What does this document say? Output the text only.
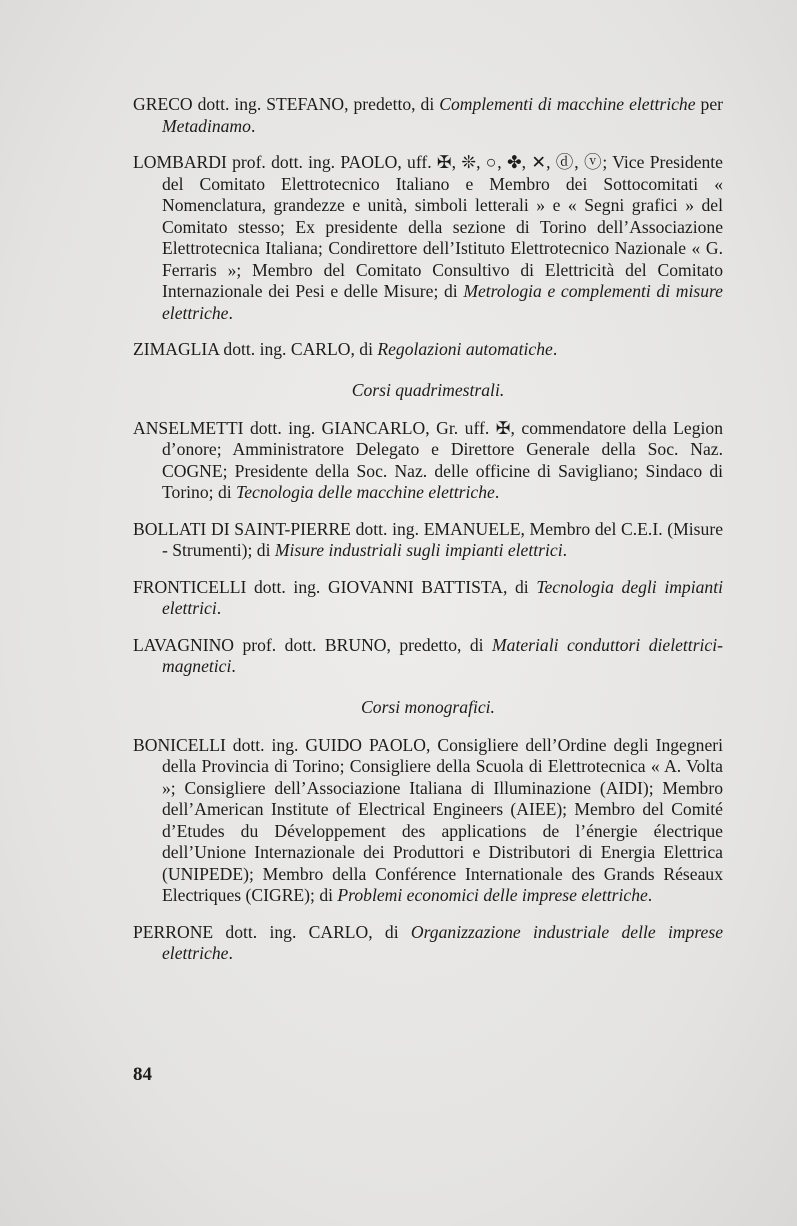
GRECO dott. ing. STEFANO, predetto, di Complementi di macchine elettriche per Metadinamo.

LOMBARDI prof. dott. ing. PAOLO, uff. ✠, ❊, ○, ✤, ✕, ⓓ, ⓥ; Vice Presidente del Comitato Elettrotecnico Italiano e Membro dei Sottocomitati « Nomenclatura, grandezze e unità, simboli letterali » e « Segni grafici » del Comitato stesso; Ex presidente della sezione di Torino dell’Associazione Elettrotecnica Italiana; Condirettore dell’Istituto Elettrotecnico Nazionale « G. Ferraris »; Membro del Comitato Consultivo di Elettricità del Comitato Internazionale dei Pesi e delle Misure; di Metrologia e complementi di misure elettriche.

ZIMAGLIA dott. ing. CARLO, di Regolazioni automatiche.

Corsi quadrimestrali.

ANSELMETTI dott. ing. GIANCARLO, Gr. uff. ✠, commendatore della Legion d’onore; Amministratore Delegato e Direttore Generale della Soc. Naz. COGNE; Presidente della Soc. Naz. delle officine di Savigliano; Sindaco di Torino; di Tecnologia delle macchine elettriche.

BOLLATI DI SAINT-PIERRE dott. ing. EMANUELE, Membro del C.E.I. (Misure - Strumenti); di Misure industriali sugli impianti elettrici.

FRONTICELLI dott. ing. GIOVANNI BATTISTA, di Tecnologia degli impianti elettrici.

LAVAGNINO prof. dott. BRUNO, predetto, di Materiali conduttori dielettrici-magnetici.

Corsi monografici.

BONICELLI dott. ing. GUIDO PAOLO, Consigliere dell’Ordine degli Ingegneri della Provincia di Torino; Consigliere della Scuola di Elettrotecnica « A. Volta »; Consigliere dell’Associazione Italiana di Illuminazione (AIDI); Membro dell’American Institute of Electrical Engineers (AIEE); Membro del Comité d’Etudes du Développement des applications de l’énergie électrique dell’Unione Internazionale dei Produttori e Distributori di Energia Elettrica (UNIPEDE); Membro della Conférence Internationale des Grands Réseaux Electriques (CIGRE); di Problemi economici delle imprese elettriche.

PERRONE dott. ing. CARLO, di Organizzazione industriale delle imprese elettriche.

84
